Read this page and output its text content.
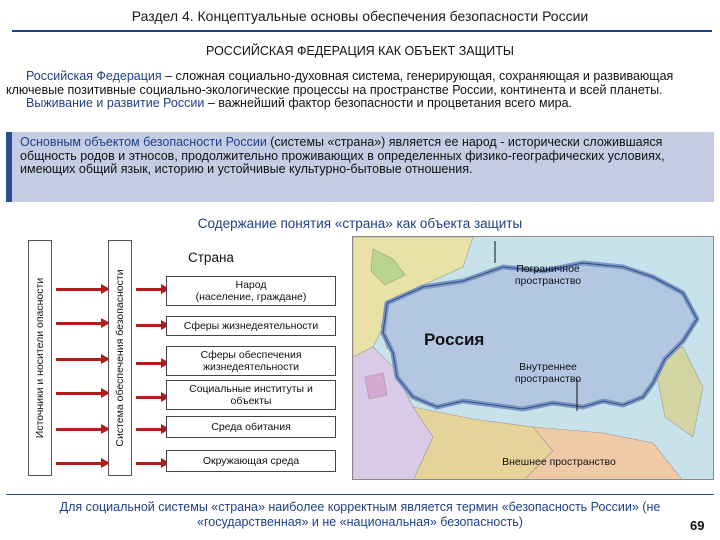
Раздел 4. Концептуальные основы обеспечения безопасности России
РОССИЙСКАЯ ФЕДЕРАЦИЯ КАК ОБЪЕКТ ЗАЩИТЫ

Российская Федерация – сложная социально-духовная система, генерирующая, сохраняющая и развивающая ключевые позитивные социально-экологические процессы на пространстве России, континента и всей планеты.

Выживание и развитие России – важнейший фактор безопасности и процветания всего мира.

Основным объектом безопасности России (системы «страна») является ее народ - исторически сложившаяся общность родов и этносов, продолжительно проживающих в определенных физико-географических условиях, имеющих общий язык, историю и устойчивые культурно-бытовые отношения.
Содержание понятия «страна» как объекта защиты
Источники и носители опасности	Система обеспечения безопасности
Страна
Народ
(население, граждане)
Сферы жизнедеятельности
Сферы обеспечения жизнедеятельности
Социальные институты и объекты
Среда обитания
Окружающая среда
Пограничное пространство
Внутреннее пространство
Внешнее пространство
Россия
Для социальной системы «страна» наиболее корректным является термин «безопасность России» (не «государственная» и не «национальная» безопасность)	69
